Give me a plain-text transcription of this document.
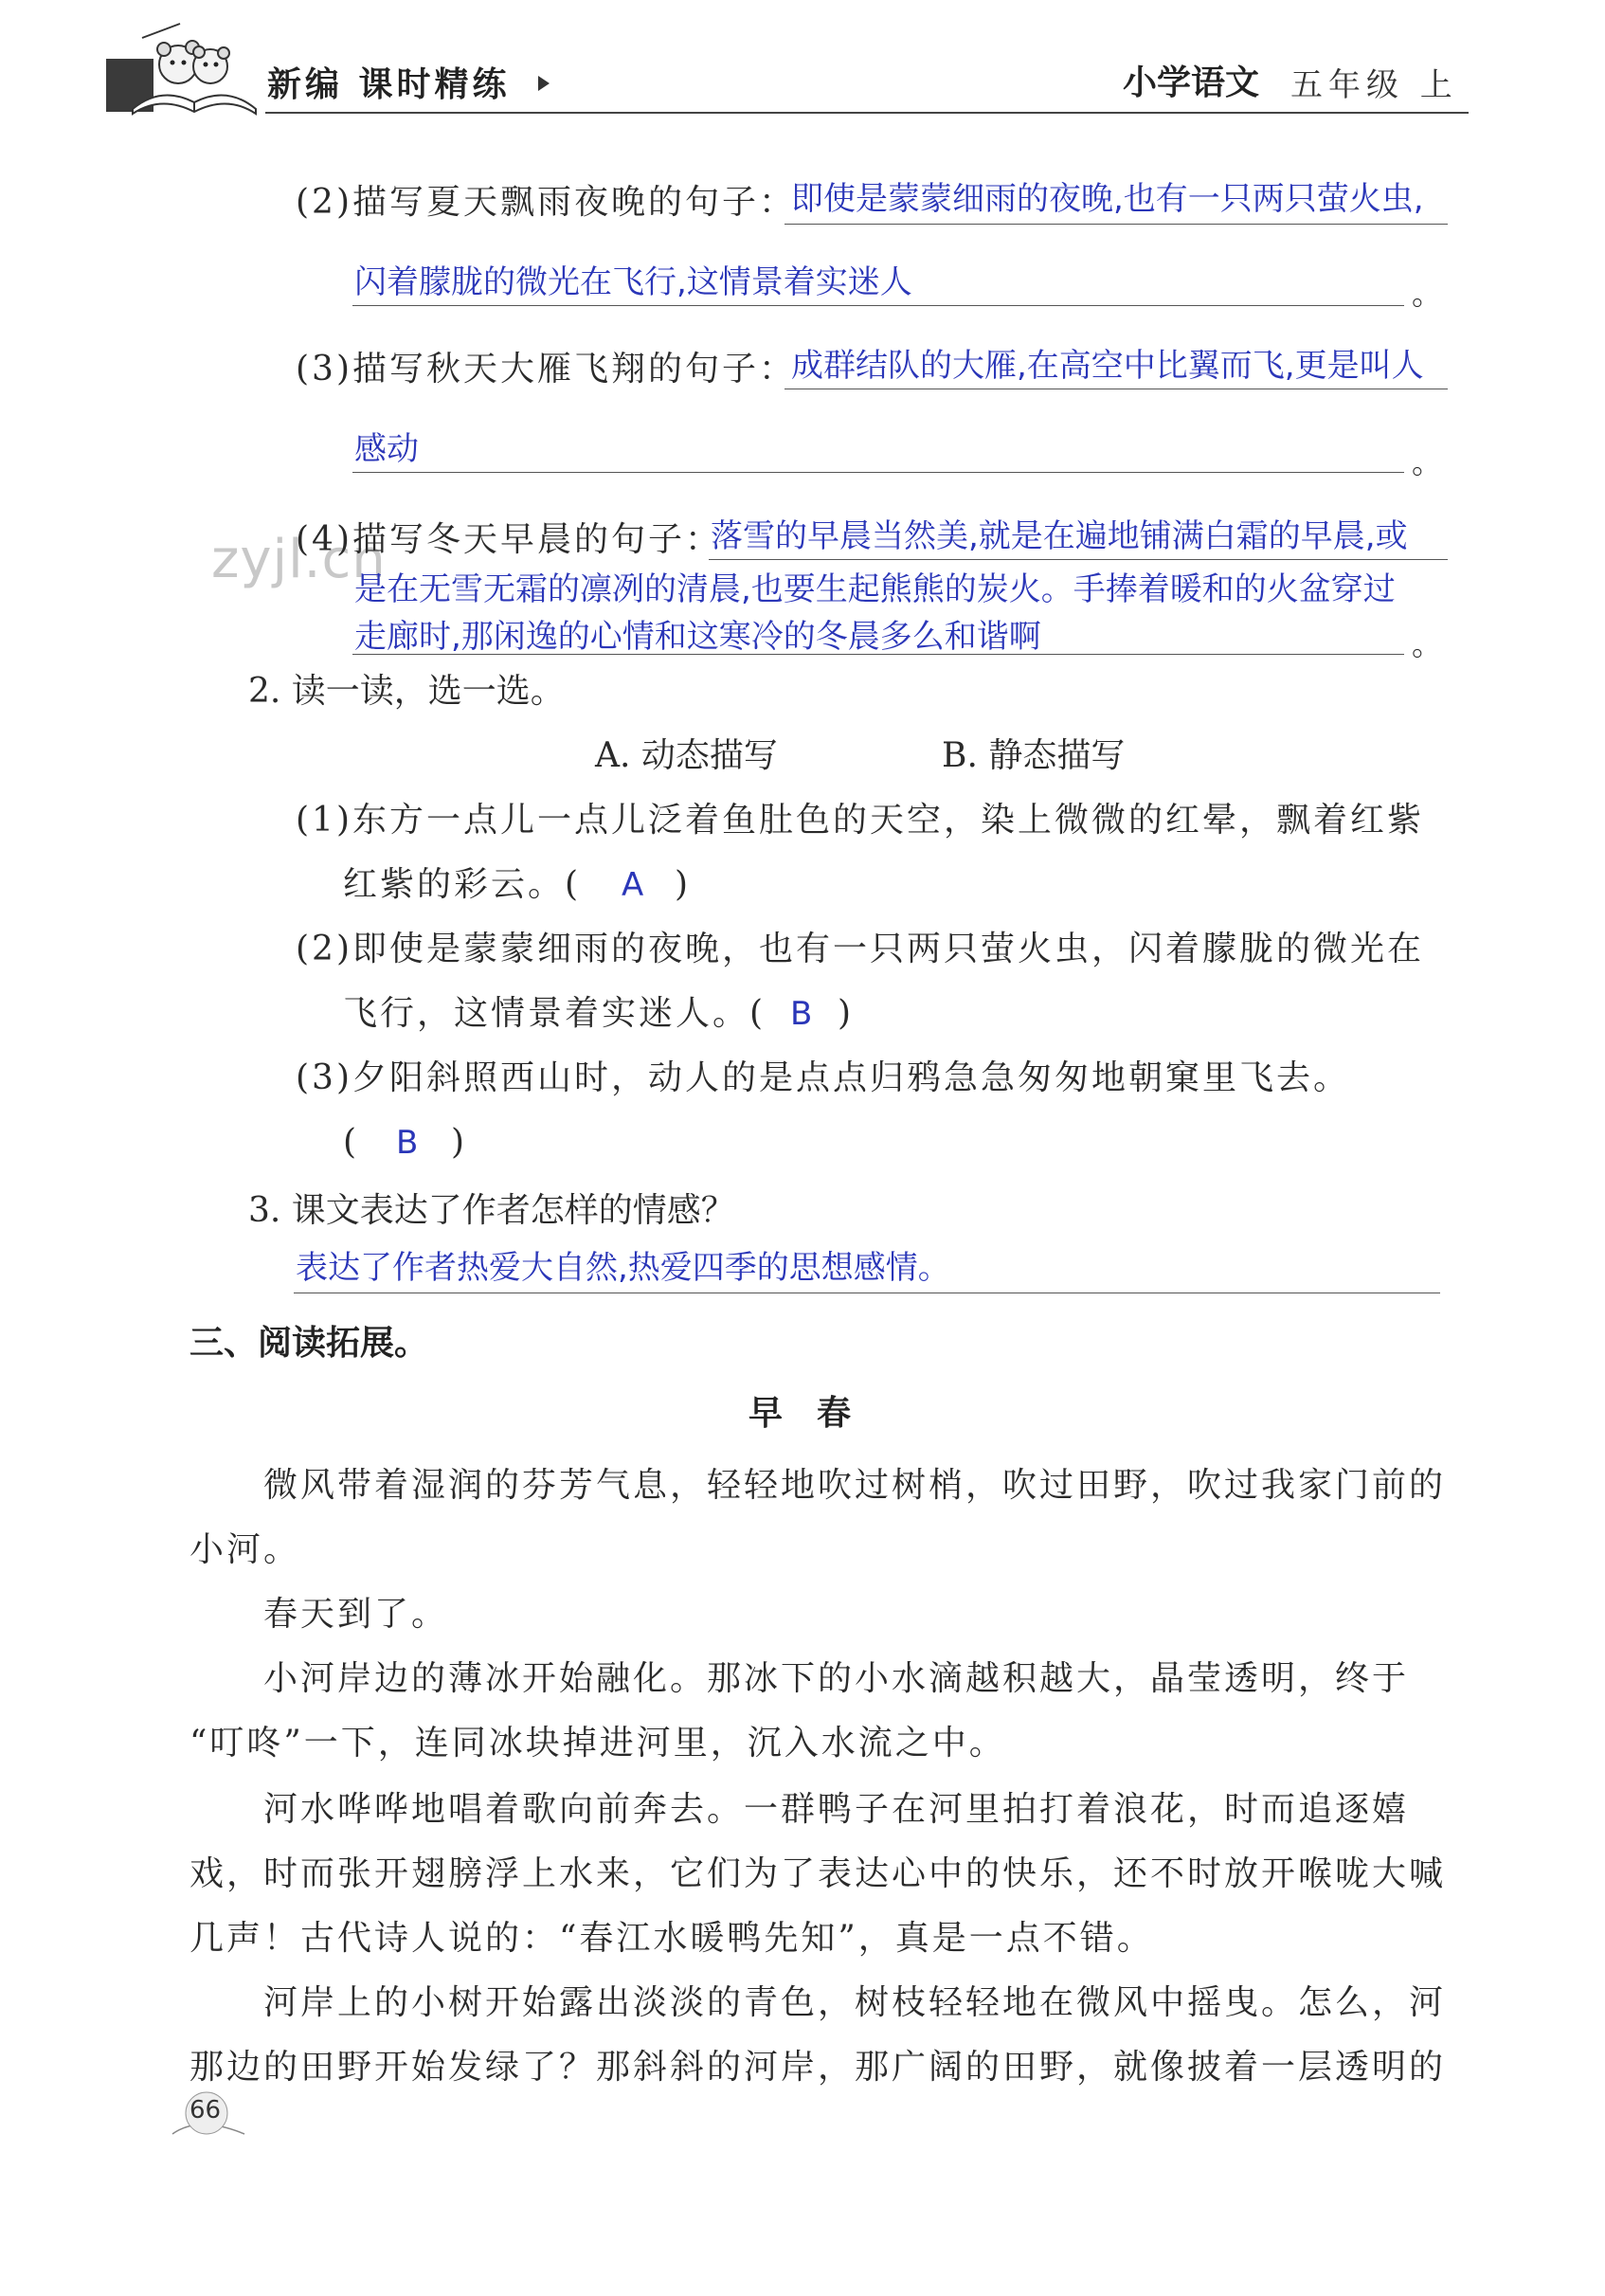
新编 课时精练	小学语文 五年级 上
zyjl.cn
(2)描写夏天飘雨夜晚的句子：
即使是蒙蒙细雨的夜晚,也有一只两只萤火虫,
闪着朦胧的微光在飞行,这情景着实迷人	。
(3)描写秋天大雁飞翔的句子：
成群结队的大雁,在高空中比翼而飞,更是叫人
感动	。
(4)描写冬天早晨的句子：
落雪的早晨当然美,就是在遍地铺满白霜的早晨,或
是在无雪无霜的凛冽的清晨,也要生起熊熊的炭火。手捧着暖和的火盆穿过
走廊时,那闲逸的心情和这寒冷的冬晨多么和谐啊	。
2. 读一读，选一选。
A. 动态描写	B. 静态描写
(1)东方一点儿一点儿泛着鱼肚色的天空，染上微微的红晕，飘着红紫
红紫的彩云。( A )
(2)即使是蒙蒙细雨的夜晚，也有一只两只萤火虫，闪着朦胧的微光在
飞行，这情景着实迷人。( B )
(3)夕阳斜照西山时，动人的是点点归鸦急急匆匆地朝窠里飞去。
( B )
3. 课文表达了作者怎样的情感？
表达了作者热爱大自然,热爱四季的思想感情。
三、阅读拓展。
早　春
微风带着湿润的芬芳气息，轻轻地吹过树梢，吹过田野，吹过我家门前的
小河。
春天到了。
小河岸边的薄冰开始融化。那冰下的小水滴越积越大，晶莹透明，终于
“叮咚”一下，连同冰块掉进河里，沉入水流之中。
河水哗哗地唱着歌向前奔去。一群鸭子在河里拍打着浪花，时而追逐嬉
戏，时而张开翅膀浮上水来，它们为了表达心中的快乐，还不时放开喉咙大喊
几声！古代诗人说的：“春江水暖鸭先知”，真是一点不错。
河岸上的小树开始露出淡淡的青色，树枝轻轻地在微风中摇曳。怎么，河
那边的田野开始发绿了？那斜斜的河岸，那广阔的田野，就像披着一层透明的
66
